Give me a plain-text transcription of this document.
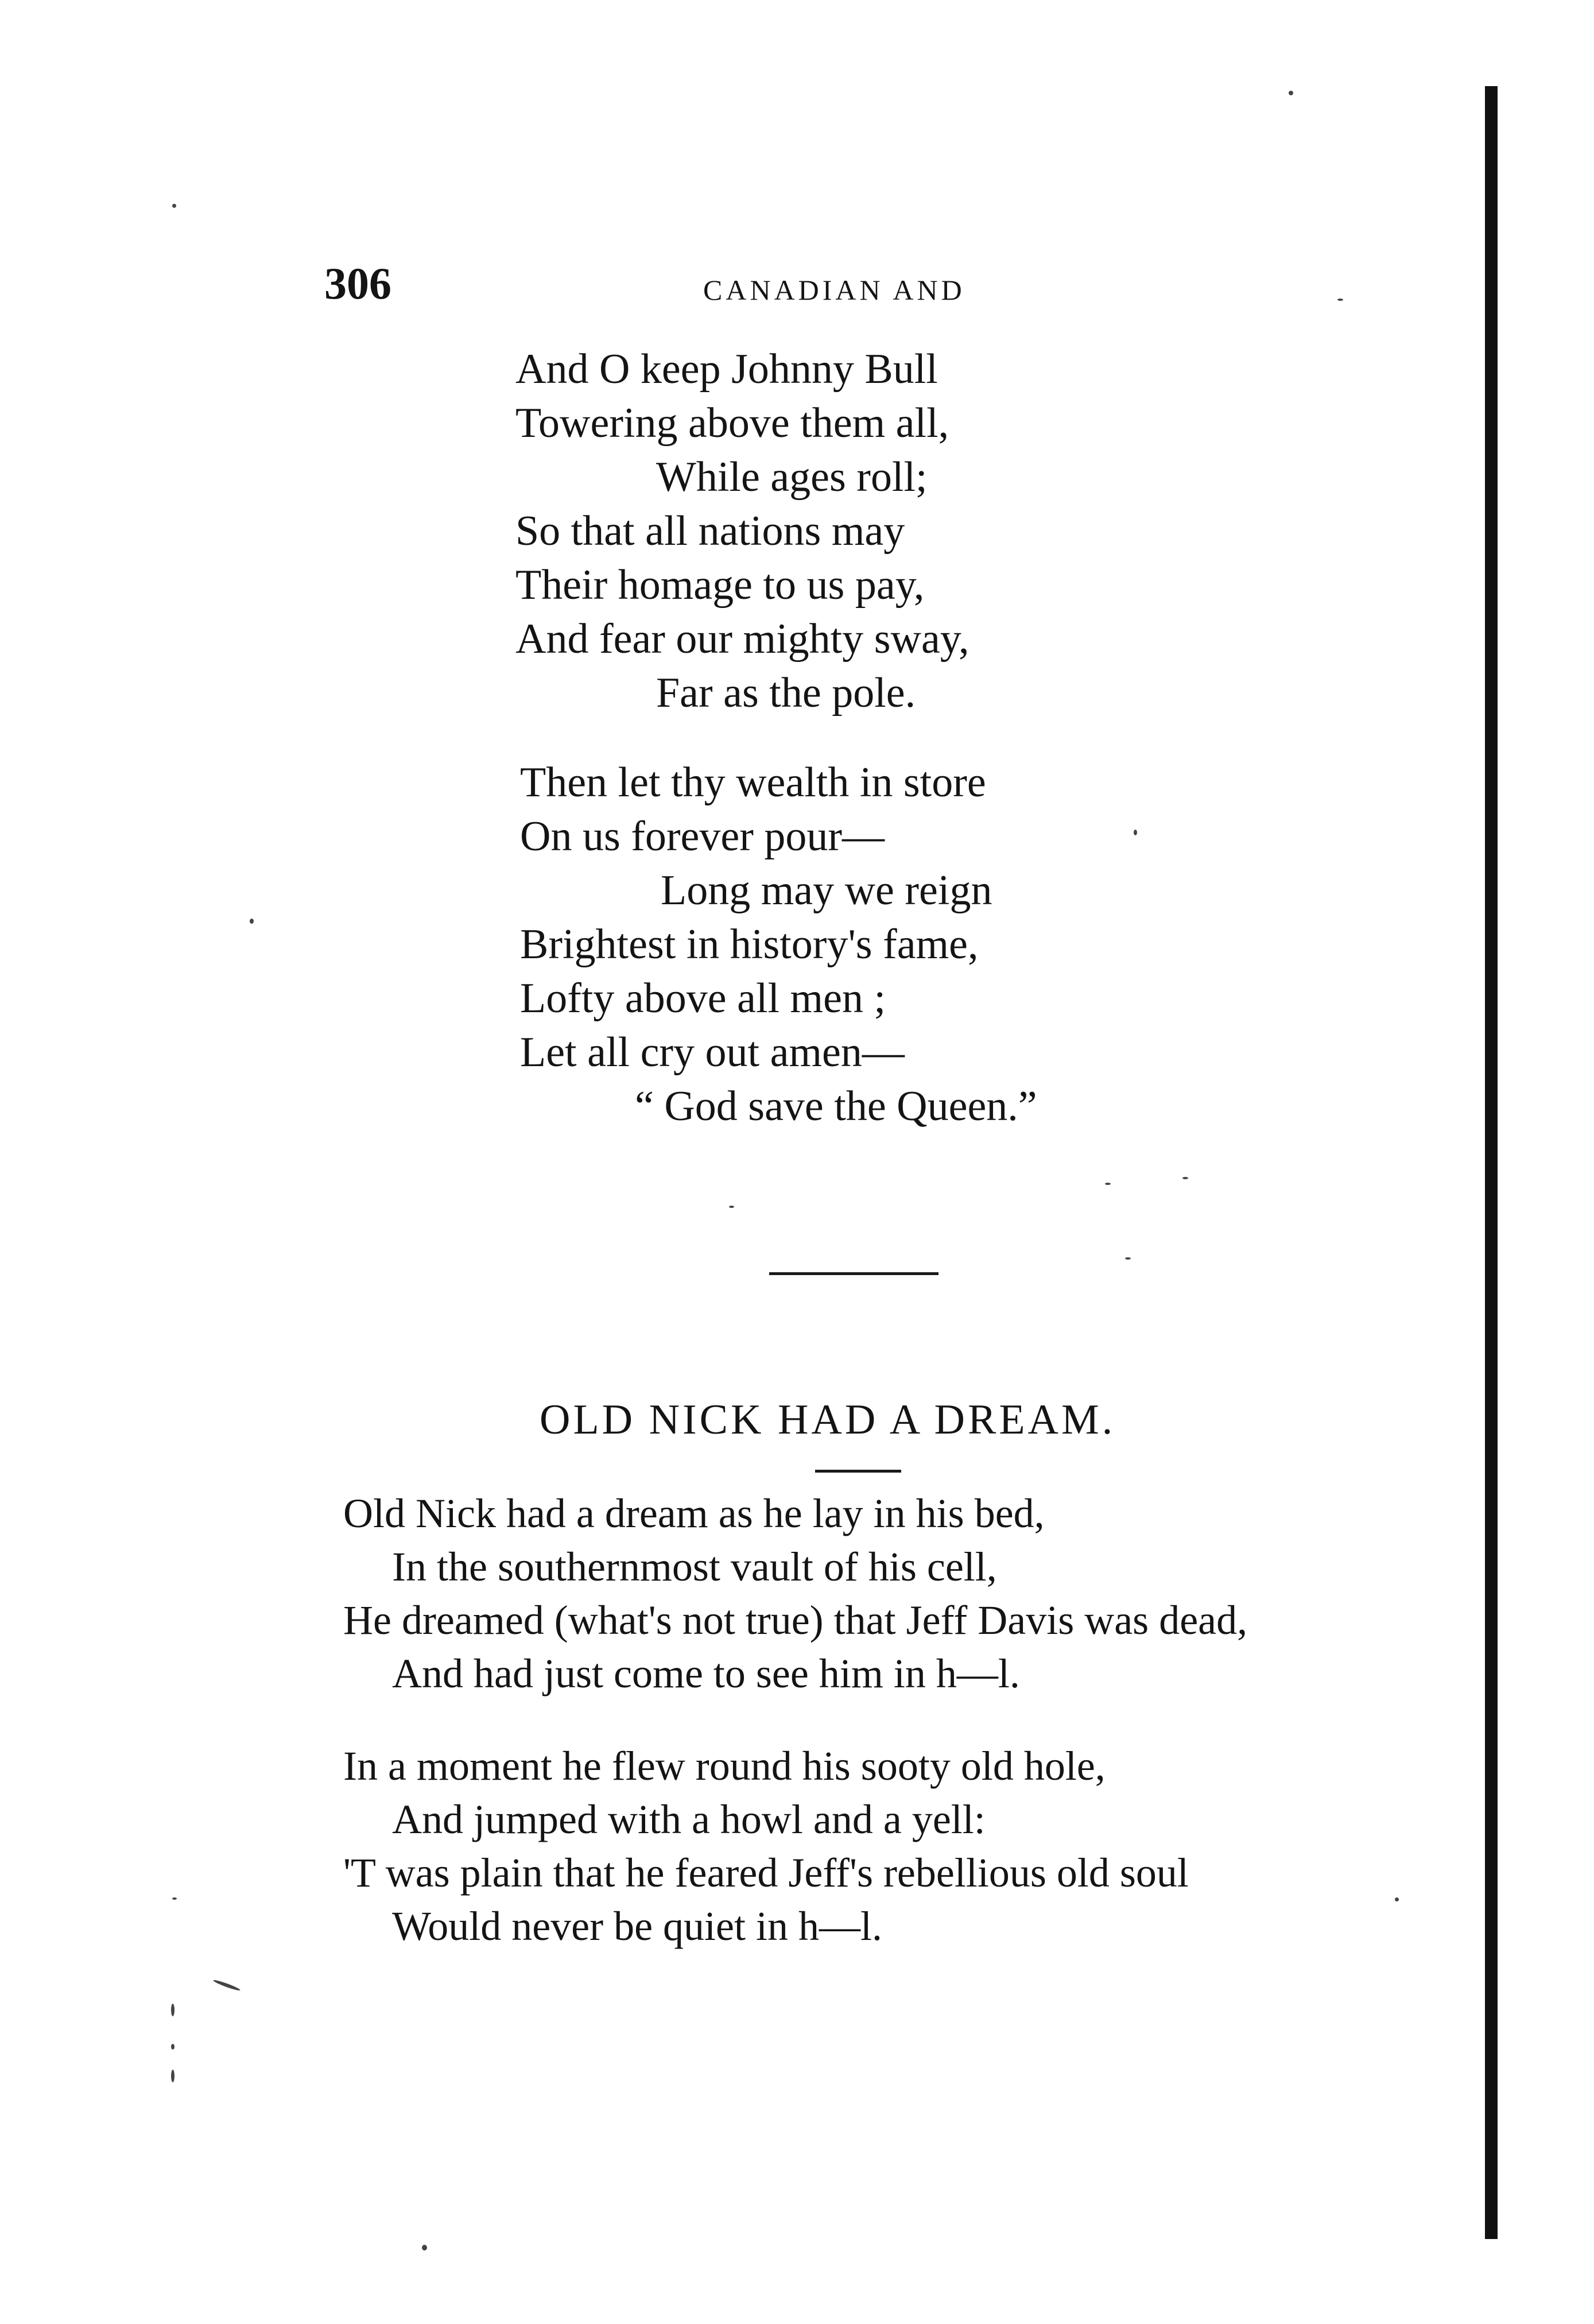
306	CANADIAN AND
And O keep Johnny Bull
Towering above them all,
While ages roll;
So that all nations may
Their homage to us pay,
And fear our mighty sway,
Far as the pole.
Then let thy wealth in store
On us forever pour—
Long may we reign
Brightest in history's fame,
Lofty above all men ;
Let all cry out amen—
“ God save the Queen.”
OLD NICK HAD A DREAM.
Old Nick had a dream as he lay in his bed,
In the southernmost vault of his cell,
He dreamed (what's not true) that Jeff Davis was dead,
And had just come to see him in h—l.
In a moment he flew round his sooty old hole,
And jumped with a howl and a yell:
'T was plain that he feared Jeff's rebellious old soul
Would never be quiet in h—l.
